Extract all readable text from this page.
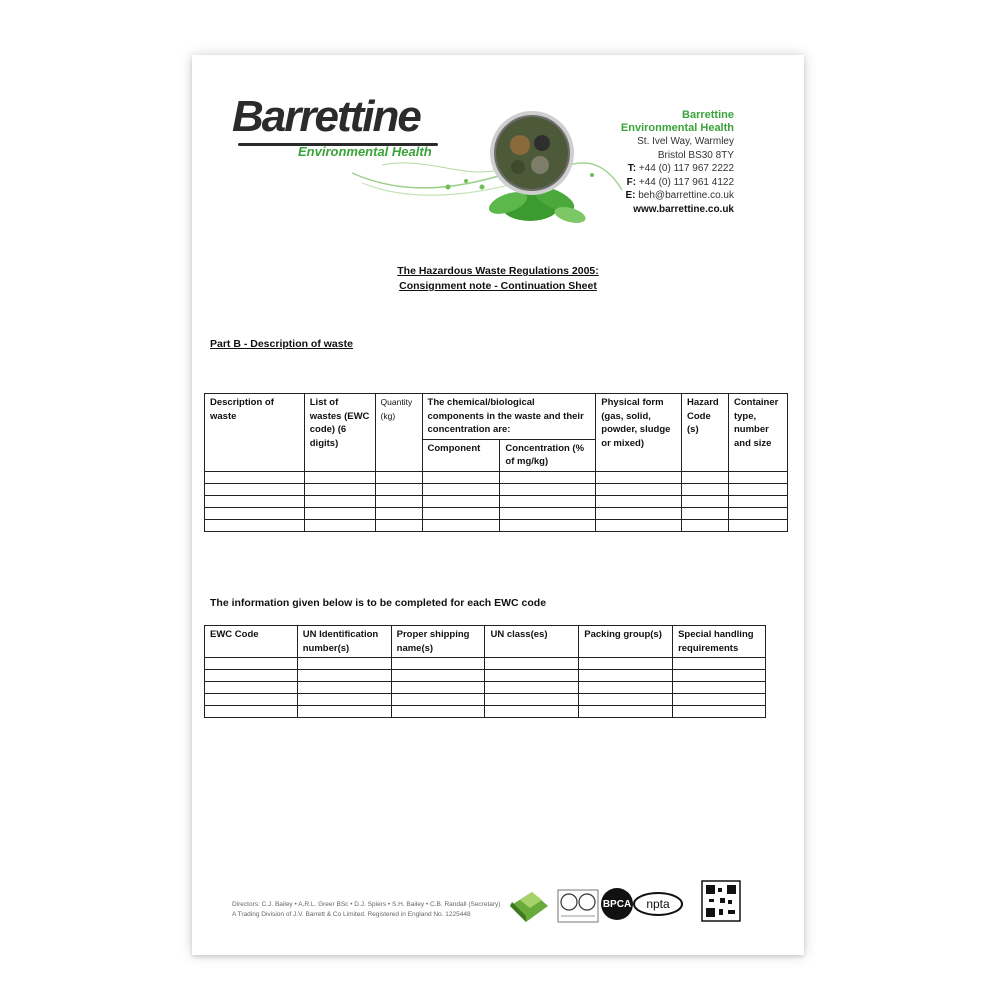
Barrettine
Environmental Health
Barrettine
Environmental Health
St. Ivel Way, Warmley
Bristol BS30 8TY
T: +44 (0) 117 967 2222
F: +44 (0) 117 961 4122
E: beh@barrettine.co.uk
www.barrettine.co.uk
The Hazardous Waste Regulations 2005:
Consignment note - Continuation Sheet
Part B - Description of waste
Description of waste	List of wastes (EWC code) (6 digits)	Quantity (kg)	The chemical/biological components in the waste and their concentration are:		Physical form (gas, solid, powder, sludge or mixed)	Hazard Code (s)	Container type, number and size
			Component	Concentration (% of mg/kg)			

The information given below is to be completed for each EWC code
EWC Code	UN Identification number(s)	Proper shipping name(s)	UN class(es)	Packing group(s)	Special handling requirements

Directors: C.J. Bailey • A.R.L. Greer BSc • D.J. Spiers • S.H. Bailey • C.B. Randall (Secretary)
A Trading Division of J.V. Barrett & Co Limited. Registered in England No. 1225448
BPCA npta
